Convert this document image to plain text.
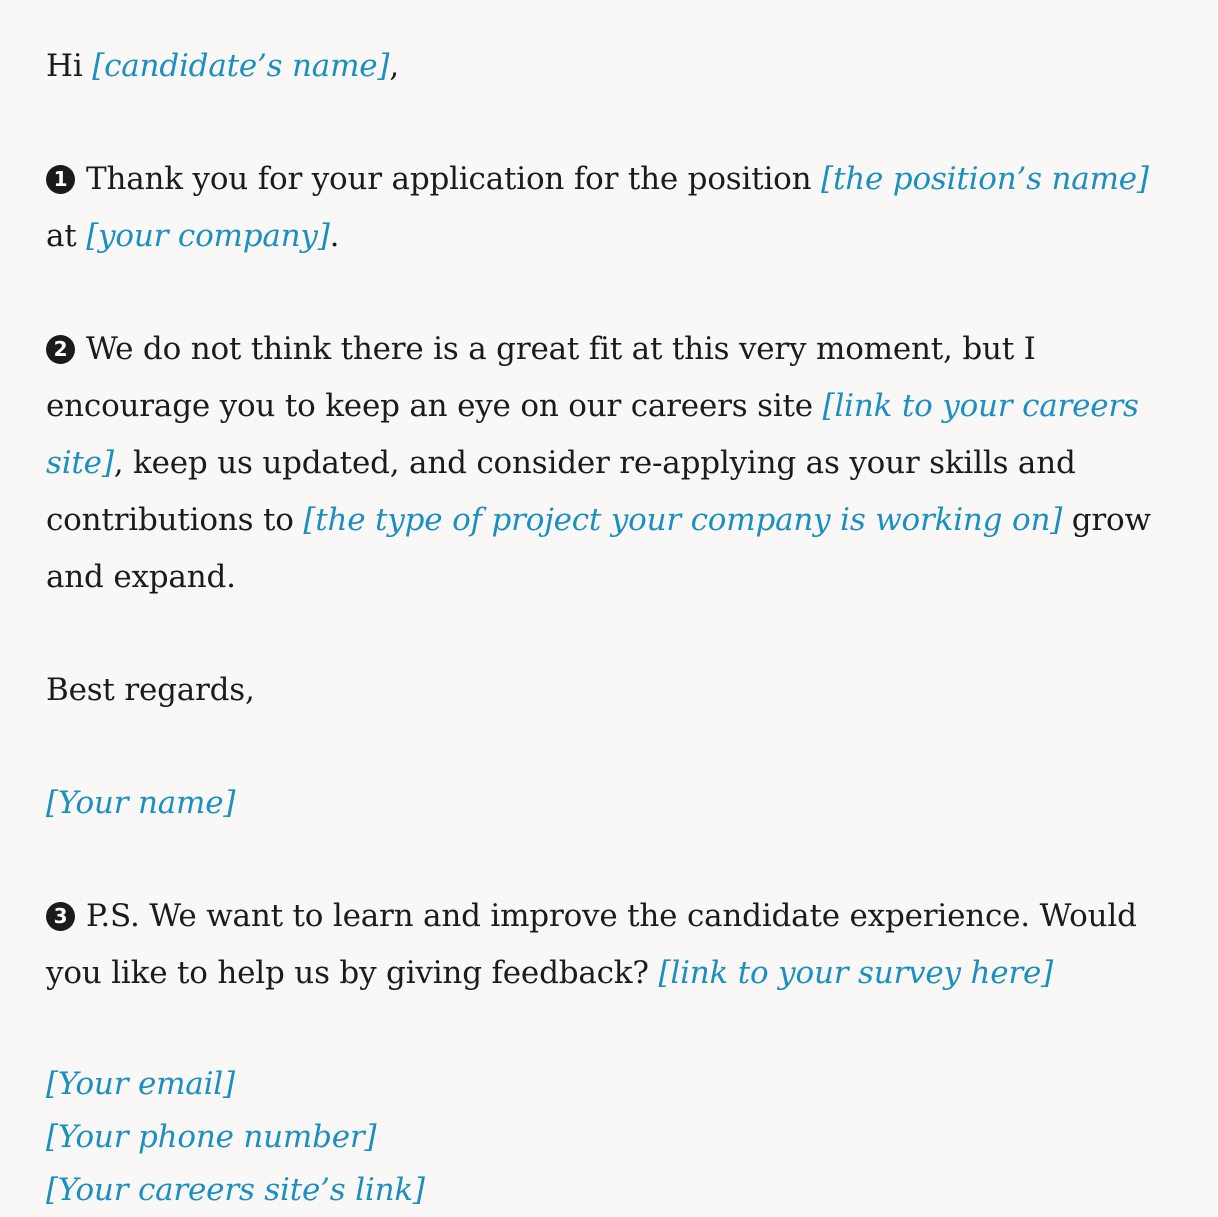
Hi [candidate’s name],

1 Thank you for your application for the position [the position’s name] at [your company].

2 We do not think there is a great fit at this very moment, but I encourage you to keep an eye on our careers site [link to your careers site], keep us updated, and consider re-applying as your skills and contributions to [the type of project your company is working on] grow and expand.

Best regards,

[Your name]

3 P.S. We want to learn and improve the candidate experience. Would you like to help us by giving feedback? [link to your survey here]

[Your email]

[Your phone number]

[Your careers site’s link]
